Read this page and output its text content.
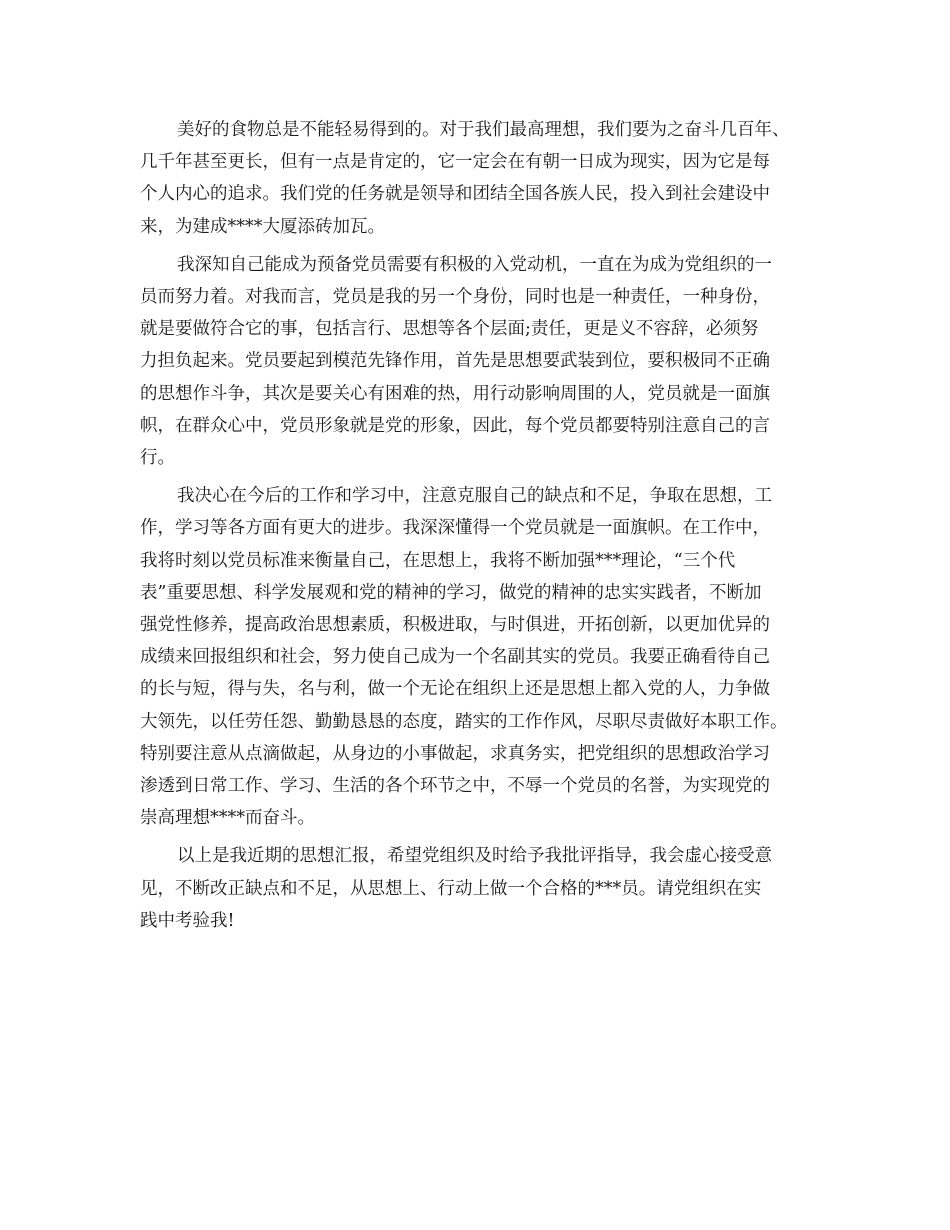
美好的食物总是不能轻易得到的。对于我们最高理想，我们要为之奋斗几百年、
几千年甚至更长，但有一点是肯定的，它一定会在有朝一日成为现实，因为它是每
个人内心的追求。我们党的任务就是领导和团结全国各族人民，投入到社会建设中
来，为建成****大厦添砖加瓦。
我深知自己能成为预备党员需要有积极的入党动机，一直在为成为党组织的一
员而努力着。对我而言，党员是我的另一个身份，同时也是一种责任，一种身份，
就是要做符合它的事，包括言行、思想等各个层面;责任，更是义不容辞，必须努
力担负起来。党员要起到模范先锋作用，首先是思想要武装到位，要积极同不正确
的思想作斗争，其次是要关心有困难的热，用行动影响周围的人，党员就是一面旗
帜，在群众心中，党员形象就是党的形象，因此，每个党员都要特别注意自己的言
行。
我决心在今后的工作和学习中，注意克服自己的缺点和不足，争取在思想，工
作，学习等各方面有更大的进步。我深深懂得一个党员就是一面旗帜。在工作中，
我将时刻以党员标准来衡量自己，在思想上，我将不断加强***理论，“三个代
表”重要思想、科学发展观和党的精神的学习，做党的精神的忠实实践者，不断加
强党性修养，提高政治思想素质，积极进取，与时俱进，开拓创新，以更加优异的
成绩来回报组织和社会，努力使自己成为一个名副其实的党员。我要正确看待自己
的长与短，得与失，名与利，做一个无论在组织上还是思想上都入党的人，力争做
大领先，以任劳任怨、勤勤恳恳的态度，踏实的工作作风，尽职尽责做好本职工作。
特别要注意从点滴做起，从身边的小事做起，求真务实，把党组织的思想政治学习
渗透到日常工作、学习、生活的各个环节之中，不辱一个党员的名誉，为实现党的
崇高理想****而奋斗。
以上是我近期的思想汇报，希望党组织及时给予我批评指导，我会虚心接受意
见，不断改正缺点和不足，从思想上、行动上做一个合格的***员。请党组织在实
践中考验我!
